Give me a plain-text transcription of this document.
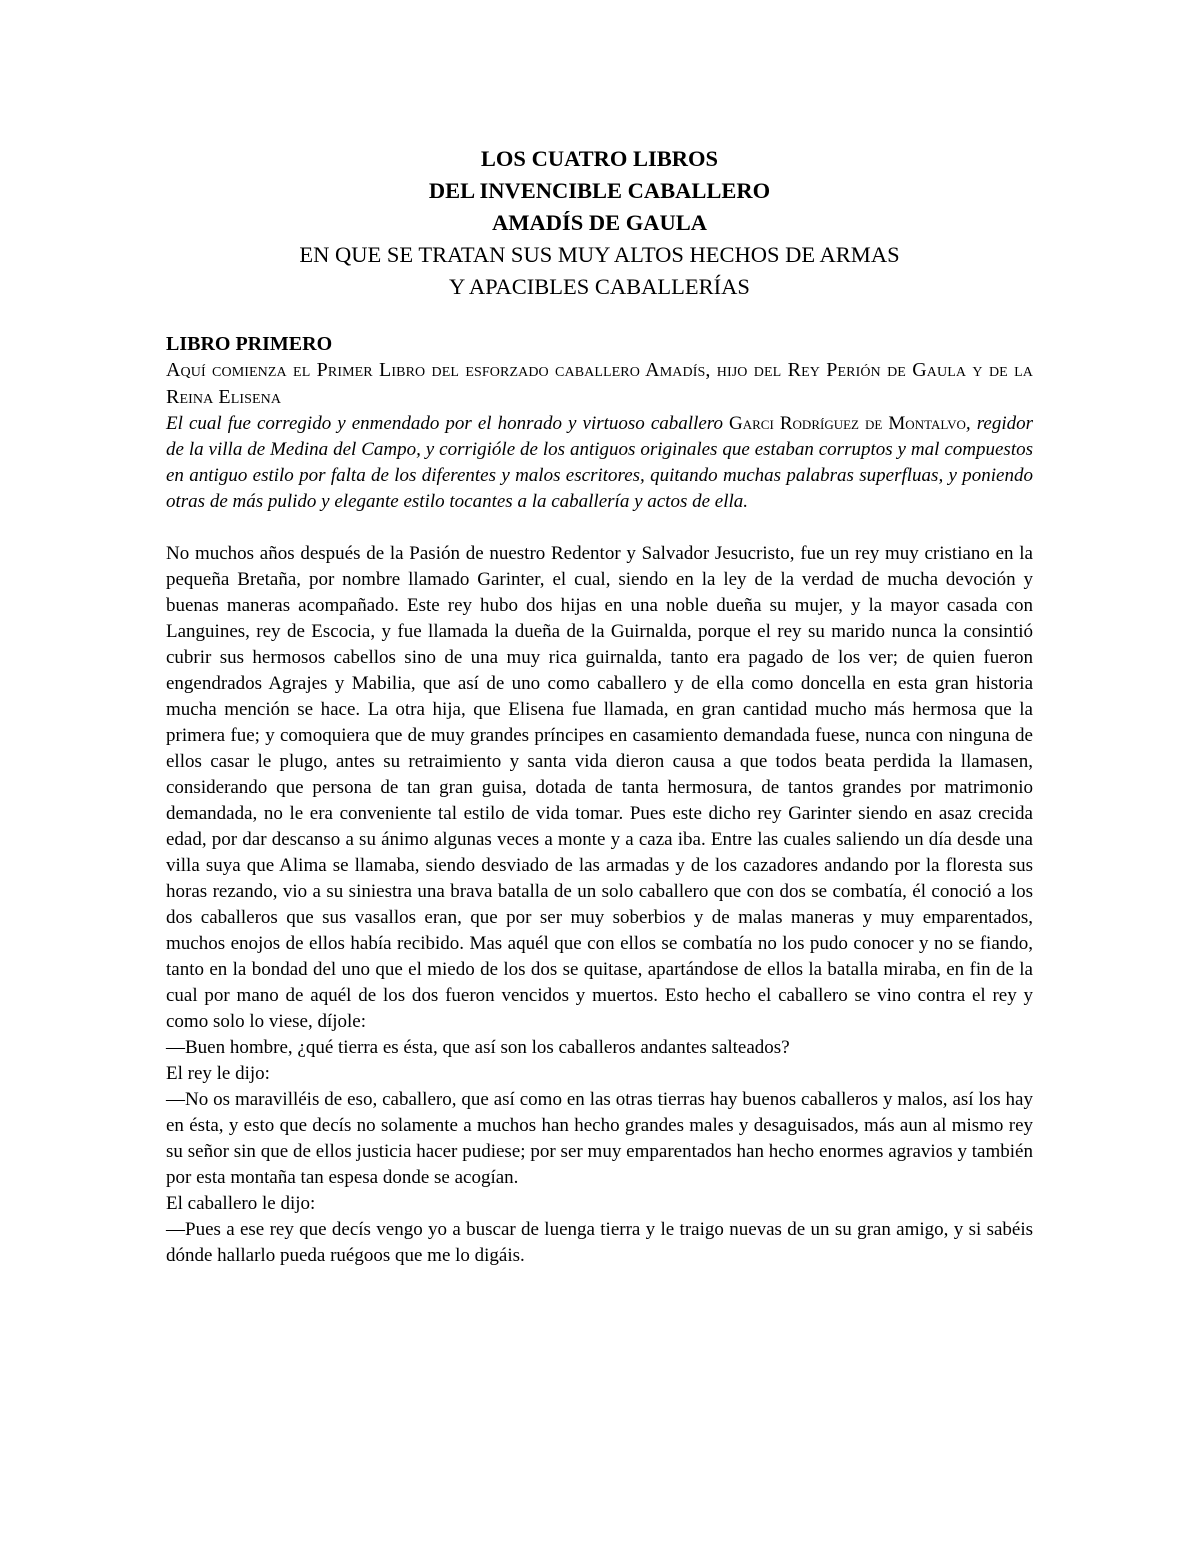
LOS CUATRO LIBROS
DEL INVENCIBLE CABALLERO
AMADÍS DE GAULA
EN QUE SE TRATAN SUS MUY ALTOS HECHOS DE ARMAS
Y APACIBLES CABALLERÍAS
LIBRO PRIMERO
Aquí comienza el Primer Libro del esforzado caballero Amadís, hijo del Rey Perión de Gaula y de la Reina Elisena
El cual fue corregido y enmendado por el honrado y virtuoso caballero Garci Rodríguez de Montalvo, regidor de la villa de Medina del Campo, y corrigióle de los antiguos originales que estaban corruptos y mal compuestos en antiguo estilo por falta de los diferentes y malos escritores, quitando muchas palabras superfluas, y poniendo otras de más pulido y elegante estilo tocantes a la caballería y actos de ella.

No muchos años después de la Pasión de nuestro Redentor y Salvador Jesucristo, fue un rey muy cristiano en la pequeña Bretaña, por nombre llamado Garinter, el cual, siendo en la ley de la verdad de mucha devoción y buenas maneras acompañado. Este rey hubo dos hijas en una noble dueña su mujer, y la mayor casada con Languines, rey de Escocia, y fue llamada la dueña de la Guirnalda, porque el rey su marido nunca la consintió cubrir sus hermosos cabellos sino de una muy rica guirnalda, tanto era pagado de los ver; de quien fueron engendrados Agrajes y Mabilia, que así de uno como caballero y de ella como doncella en esta gran historia mucha mención se hace. La otra hija, que Elisena fue llamada, en gran cantidad mucho más hermosa que la primera fue; y comoquiera que de muy grandes príncipes en casamiento demandada fuese, nunca con ninguna de ellos casar le plugo, antes su retraimiento y santa vida dieron causa a que todos beata perdida la llamasen, considerando que persona de tan gran guisa, dotada de tanta hermosura, de tantos grandes por matrimonio demandada, no le era conveniente tal estilo de vida tomar. Pues este dicho rey Garinter siendo en asaz crecida edad, por dar descanso a su ánimo algunas veces a monte y a caza iba. Entre las cuales saliendo un día desde una villa suya que Alima se llamaba, siendo desviado de las armadas y de los cazadores andando por la floresta sus horas rezando, vio a su siniestra una brava batalla de un solo caballero que con dos se combatía, él conoció a los dos caballeros que sus vasallos eran, que por ser muy soberbios y de malas maneras y muy emparentados, muchos enojos de ellos había recibido. Mas aquél que con ellos se combatía no los pudo conocer y no se fiando, tanto en la bondad del uno que el miedo de los dos se quitase, apartándose de ellos la batalla miraba, en fin de la cual por mano de aquél de los dos fueron vencidos y muertos. Esto hecho el caballero se vino contra el rey y como solo lo viese, díjole:

—Buen hombre, ¿qué tierra es ésta, que así son los caballeros andantes salteados?

El rey le dijo:

—No os maravilléis de eso, caballero, que así como en las otras tierras hay buenos caballeros y malos, así los hay en ésta, y esto que decís no solamente a muchos han hecho grandes males y desaguisados, más aun al mismo rey su señor sin que de ellos justicia hacer pudiese; por ser muy emparentados han hecho enormes agravios y también por esta montaña tan espesa donde se acogían.

El caballero le dijo:

—Pues a ese rey que decís vengo yo a buscar de luenga tierra y le traigo nuevas de un su gran amigo, y si sabéis dónde hallarlo pueda ruégoos que me lo digáis.
